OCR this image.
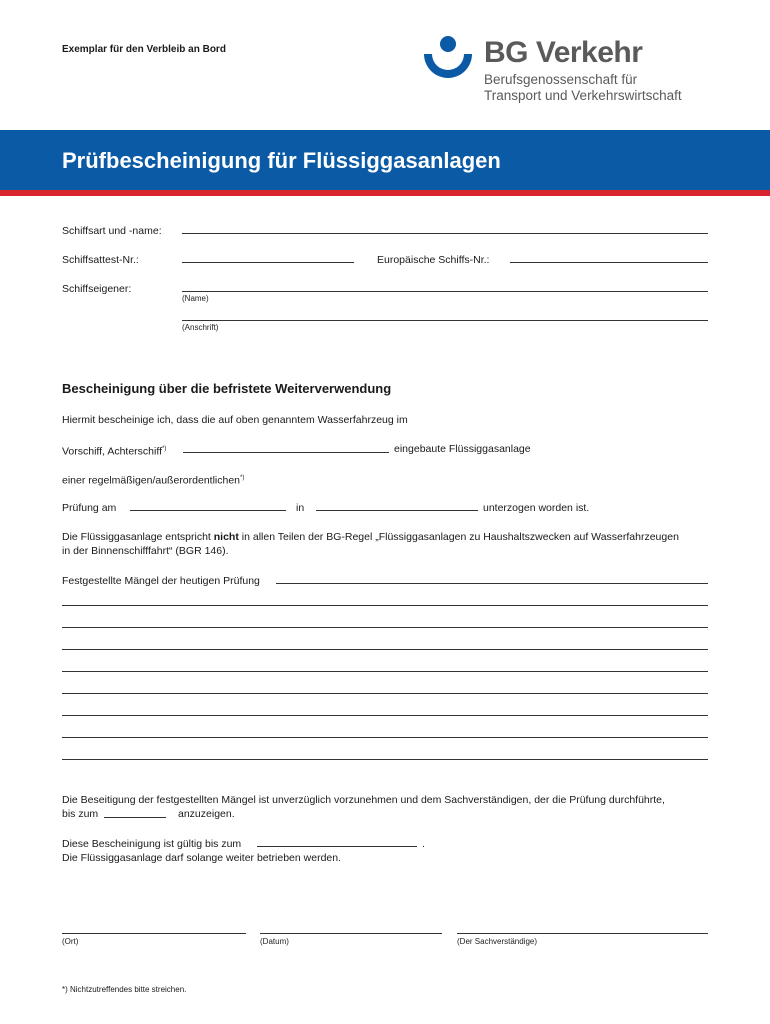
Exemplar für den Verbleib an Bord	BG Verkehr
Berufsgenossenschaft für
Transport und Verkehrswirtschaft
Prüfbescheinigung für Flüssiggasanlagen
Schiffsart und -name:
Schiffsattest-Nr.:	Europäische Schiffs-Nr.:
Schiffseigener:
(Name)
(Anschrift)
Bescheinigung über die befristete Weiterverwendung
Hiermit bescheinige ich, dass die auf oben genanntem Wasserfahrzeug im
Vorschiff, Achterschiff*)	eingebaute Flüssiggasanlage
einer regelmäßigen/außerordentlichen*)
Prüfung am	in	unterzogen worden ist.
Die Flüssiggasanlage entspricht nicht in allen Teilen der BG-Regel „Flüssiggasanlagen zu Haushaltszwecken auf Wasserfahrzeugen
in der Binnenschifffahrt“ (BGR 146).
Festgestellte Mängel der heutigen Prüfung
Die Beseitigung der festgestellten Mängel ist unverzüglich vorzunehmen und dem Sachverständigen, der die Prüfung durchführte,
bis zum	anzuzeigen.
Diese Bescheinigung ist gültig bis zum	.
Die Flüssiggasanlage darf solange weiter betrieben werden.
(Ort)	(Datum)	(Der Sachverständige)
*) Nichtzutreffendes bitte streichen.
